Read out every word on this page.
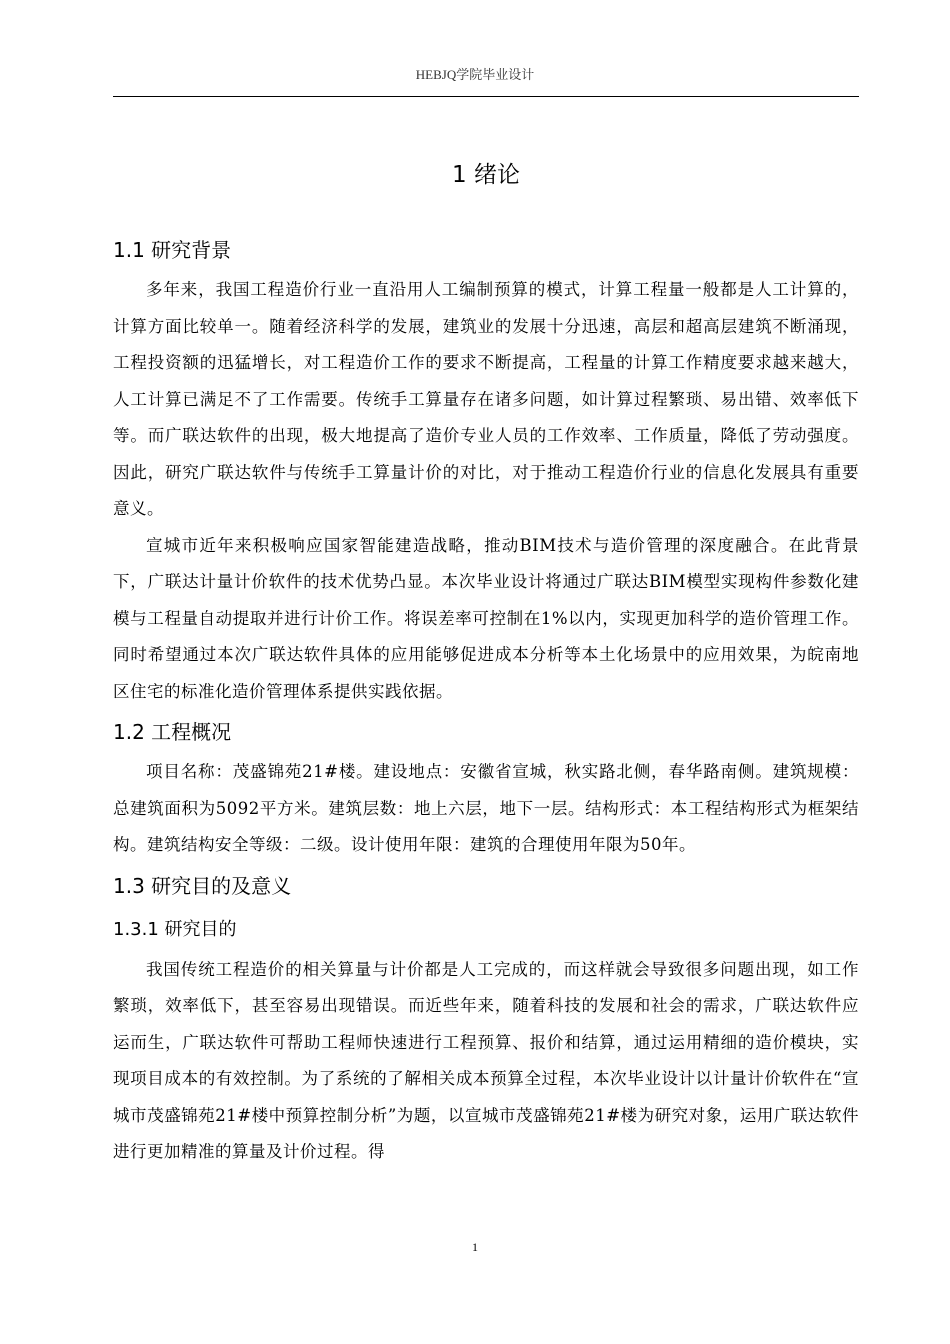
HEBJQ学院毕业设计
1 绪论
1.1 研究背景

多年来，我国工程造价行业一直沿用人工编制预算的模式，计算工程量一般都是人工计算的，计算方面比较单一。随着经济科学的发展，建筑业的发展十分迅速，高层和超高层建筑不断涌现，工程投资额的迅猛增长，对工程造价工作的要求不断提高，工程量的计算工作精度要求越来越大，人工计算已满足不了工作需要。传统手工算量存在诸多问题，如计算过程繁琐、易出错、效率低下等。而广联达软件的出现，极大地提高了造价专业人员的工作效率、工作质量，降低了劳动强度。因此，研究广联达软件与传统手工算量计价的对比，对于推动工程造价行业的信息化发展具有重要意义。

宣城市近年来积极响应国家智能建造战略，推动BIM技术与造价管理的深度融合。在此背景下，广联达计量计价软件的技术优势凸显。本次毕业设计将通过广联达BIM模型实现构件参数化建模与工程量自动提取并进行计价工作。将误差率可控制在1%以内，实现更加科学的造价管理工作。同时希望通过本次广联达软件具体的应用能够促进成本分析等本土化场景中的应用效果，为皖南地区住宅的标准化造价管理体系提供实践依据。

1.2 工程概况

项目名称：茂盛锦苑21#楼。建设地点：安徽省宣城，秋实路北侧，春华路南侧。建筑规模：总建筑面积为5092平方米。建筑层数：地上六层，地下一层。结构形式：本工程结构形式为框架结构。建筑结构安全等级：二级。设计使用年限：建筑的合理使用年限为50年。

1.3 研究目的及意义
1.3.1 研究目的

我国传统工程造价的相关算量与计价都是人工完成的，而这样就会导致很多问题出现，如工作繁琐，效率低下，甚至容易出现错误。而近些年来，随着科技的发展和社会的需求，广联达软件应运而生，广联达软件可帮助工程师快速进行工程预算、报价和结算，通过运用精细的造价模块，实现项目成本的有效控制。为了系统的了解相关成本预算全过程，本次毕业设计以计量计价软件在“宣城市茂盛锦苑21#楼中预算控制分析”为题，以宣城市茂盛锦苑21#楼为研究对象，运用广联达软件进行更加精准的算量及计价过程。得

1
